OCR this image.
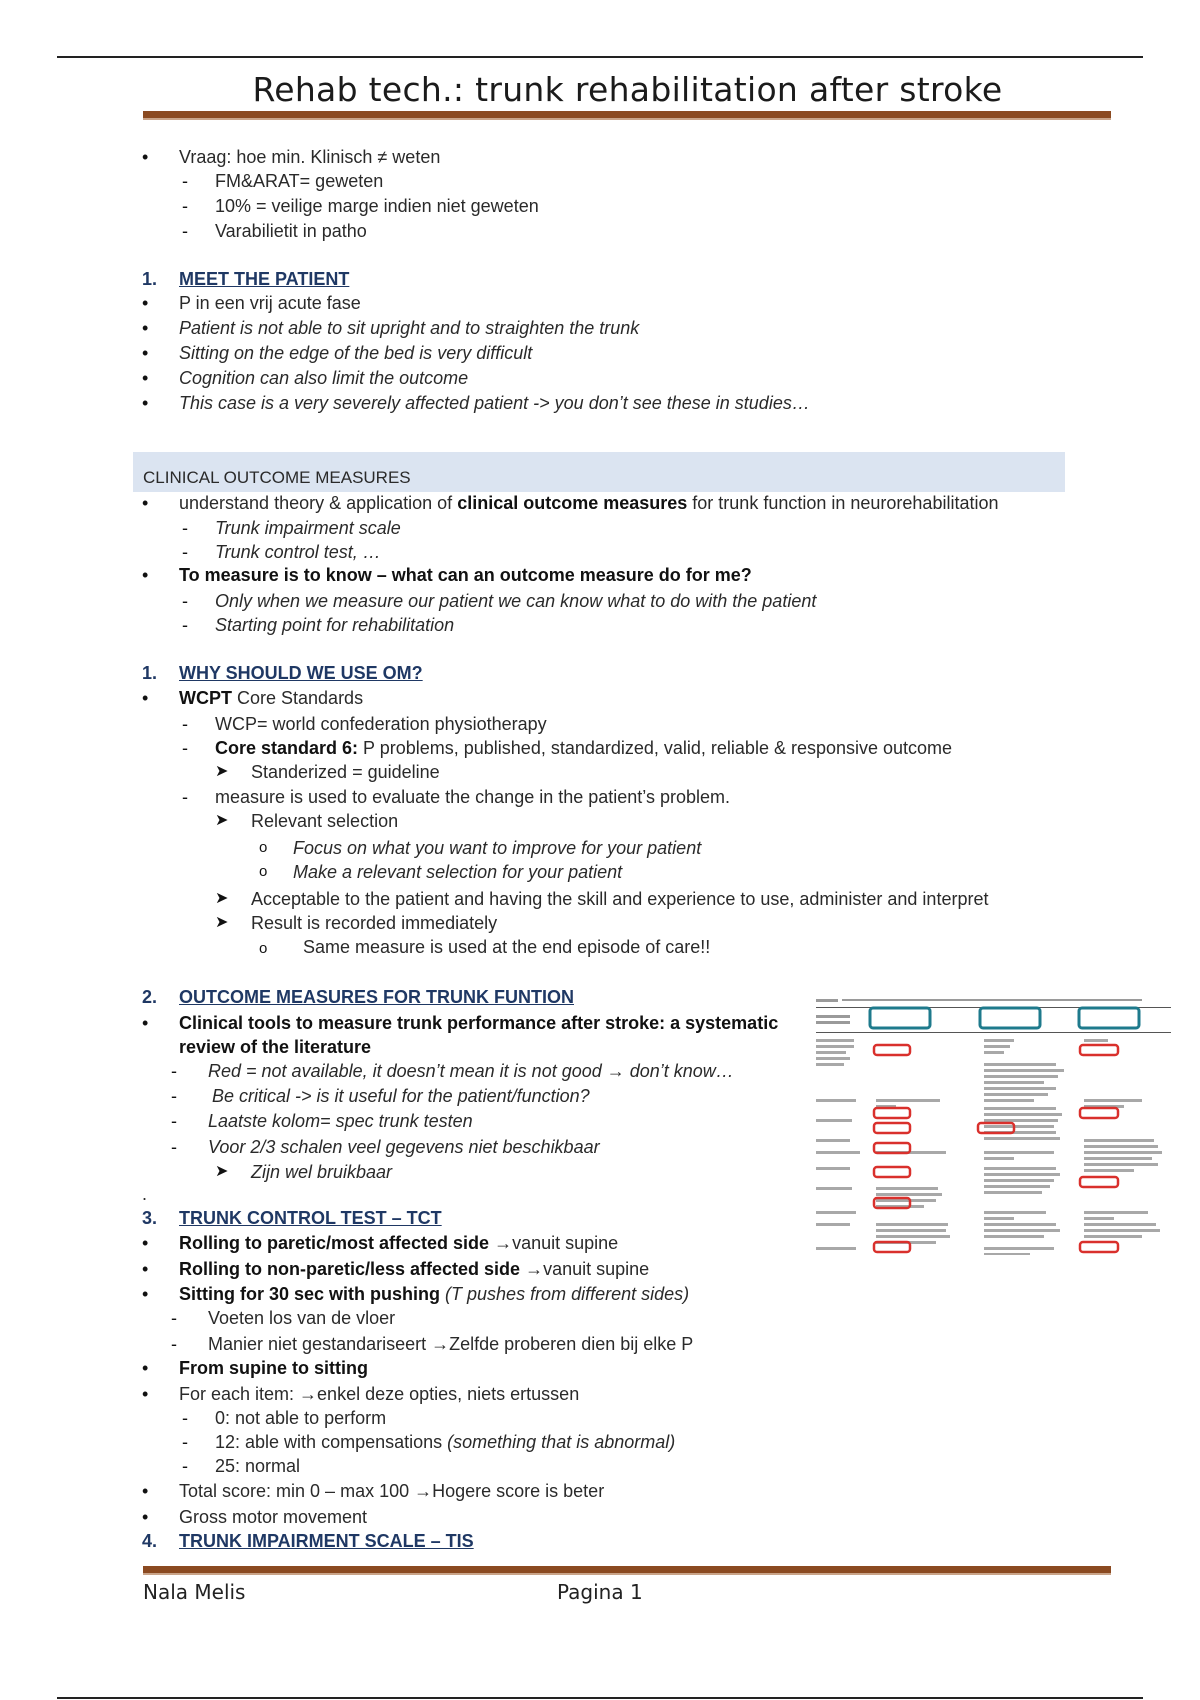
Rehab tech.: trunk rehabilitation after stroke
• Vraag: hoe min. Klinisch ≠ weten
- FM&ARAT= geweten
- 10% = veilige marge indien niet geweten
- Varabilietit in patho
1. MEET THE PATIENT
• P in een vrij acute fase
• Patient is not able to sit upright and to straighten the trunk
• Sitting on the edge of the bed is very difficult
• Cognition can also limit the outcome
• This case is a very severely affected patient -> you don’t see these in studies…
CLINICAL OUTCOME MEASURES
• understand theory & application of clinical outcome measures for trunk function in neurorehabilitation
- Trunk impairment scale
- Trunk control test, …
• To measure is to know – what can an outcome measure do for me?
- Only when we measure our patient we can know what to do with the patient
- Starting point for rehabilitation
1. WHY SHOULD WE USE OM?
• WCPT Core Standards
- WCP= world confederation physiotherapy
- Core standard 6: P problems, published, standardized, valid, reliable & responsive outcome
➤ Standerized = guideline
- measure is used to evaluate the change in the patient’s problem.
➤ Relevant selection
o Focus on what you want to improve for your patient
o Make a relevant selection for your patient
➤ Acceptable to the patient and having the skill and experience to use, administer and interpret
➤ Result is recorded immediately
o Same measure is used at the end episode of care!!
2. OUTCOME MEASURES FOR TRUNK FUNTION
• Clinical tools to measure trunk performance after stroke: a systematic
review of the literature
- Red = not available, it doesn’t mean it is not good → don’t know…
- Be critical -> is it useful for the patient/function?
- Laatste kolom= spec trunk testen
- Voor 2/3 schalen veel gegevens niet beschikbaar
➤ Zijn wel bruikbaar
.
3. TRUNK CONTROL TEST – TCT
• Rolling to paretic/most affected side →vanuit supine
• Rolling to non-paretic/less affected side →vanuit supine
• Sitting for 30 sec with pushing (T pushes from different sides)
- Voeten los van de vloer
- Manier niet gestandariseert →Zelfde proberen dien bij elke P
• From supine to sitting
• For each item: →enkel deze opties, niets ertussen
- 0: not able to perform
- 12: able with compensations (something that is abnormal)
- 25: normal
• Total score: min 0 – max 100 →Hogere score is beter
• Gross motor movement
4. TRUNK IMPAIRMENT SCALE – TIS
Nala Melis	Pagina 1
